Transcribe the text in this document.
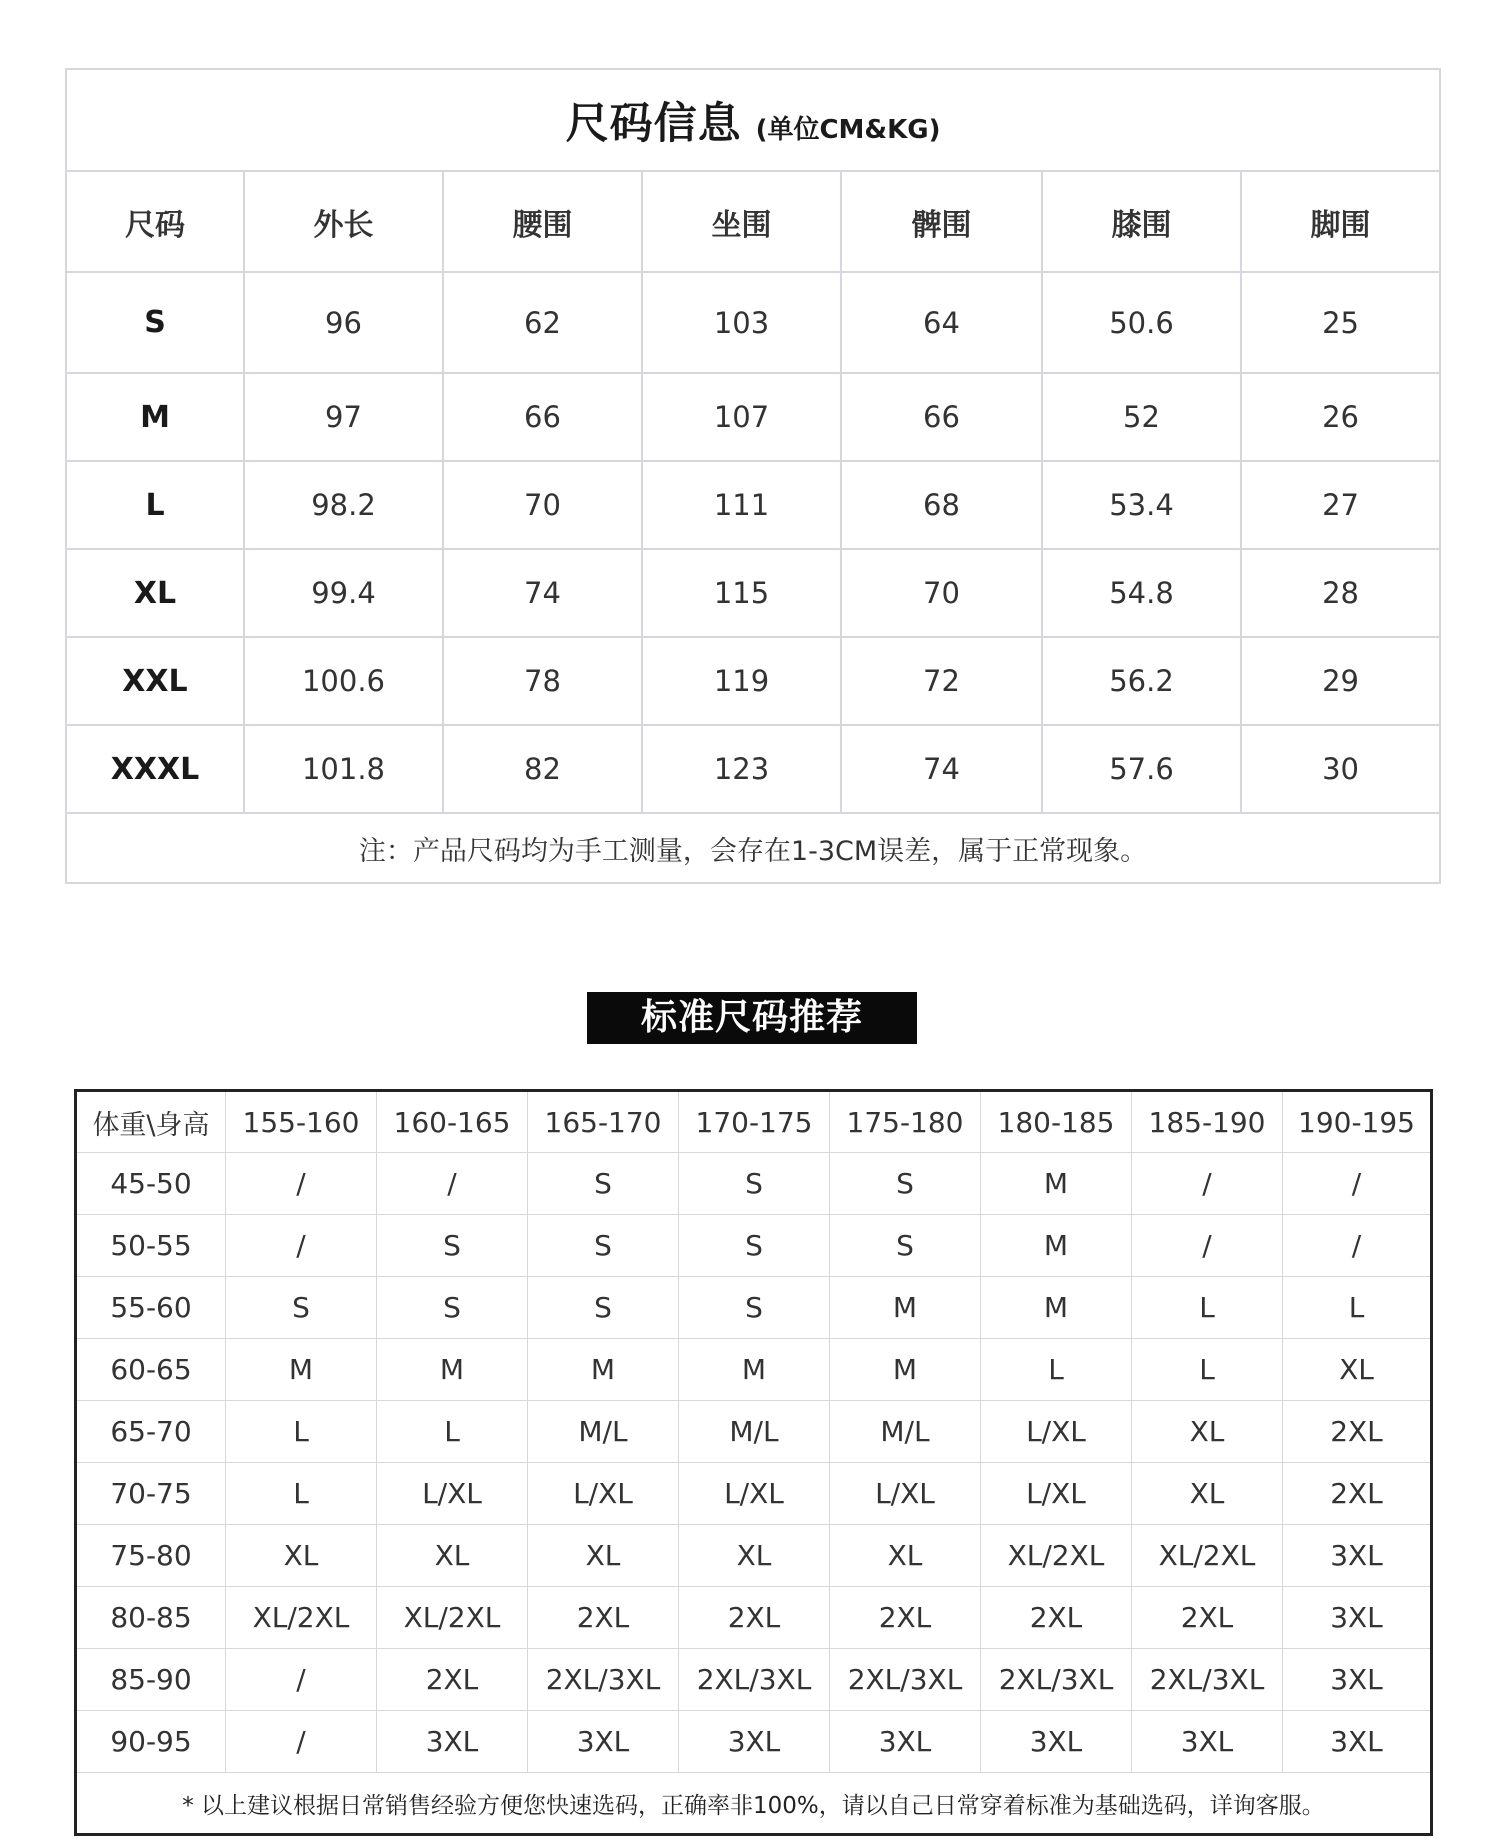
尺码信息 (单位CM&KG)						
尺码	外长	腰围	坐围	髀围	膝围	脚围
S	96	62	103	64	50.6	25
M	97	66	107	66	52	26
L	98.2	70	111	68	53.4	27
XL	99.4	74	115	70	54.8	28
XXL	100.6	78	119	72	56.2	29
XXXL	101.8	82	123	74	57.6	30
注：产品尺码均为手工测量，会存在1-3CM误差，属于正常现象。						
标准尺码推荐
体重\身高	155-160	160-165	165-170	170-175	175-180	180-185	185-190	190-195
45-50	/	/	S	S	S	M	/	/
50-55	/	S	S	S	S	M	/	/
55-60	S	S	S	S	M	M	L	L
60-65	M	M	M	M	M	L	L	XL
65-70	L	L	M/L	M/L	M/L	L/XL	XL	2XL
70-75	L	L/XL	L/XL	L/XL	L/XL	L/XL	XL	2XL
75-80	XL	XL	XL	XL	XL	XL/2XL	XL/2XL	3XL
80-85	XL/2XL	XL/2XL	2XL	2XL	2XL	2XL	2XL	3XL
85-90	/	2XL	2XL/3XL	2XL/3XL	2XL/3XL	2XL/3XL	2XL/3XL	3XL
90-95	/	3XL	3XL	3XL	3XL	3XL	3XL	3XL
* 以上建议根据日常销售经验方便您快速选码，正确率非100%，请以自己日常穿着标准为基础选码，详询客服。								
